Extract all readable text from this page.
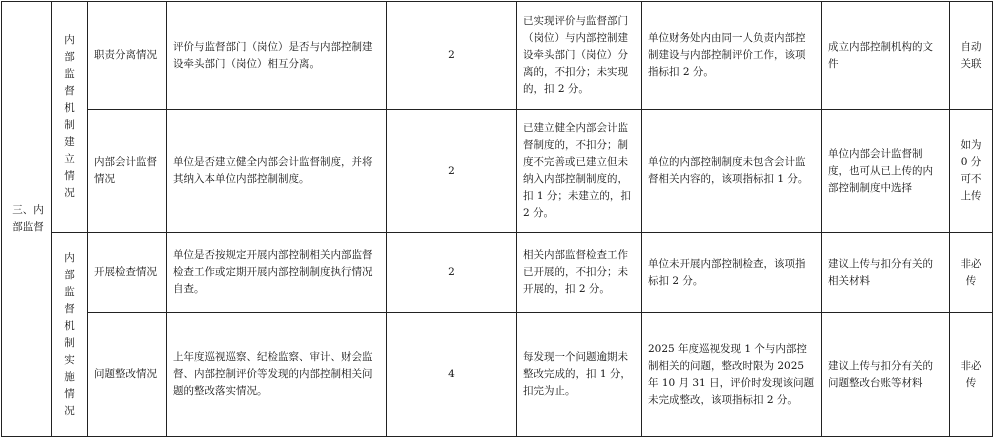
三、内部监督	内部监督机制建立情况	职责分离情况	评价与监督部门（岗位）是否与内部控制建设牵头部门（岗位）相互分离。	2	已实现评价与监督部门（岗位）与内部控制建设牵头部门（岗位）分离的，不扣分；未实现的，扣 2 分。	单位财务处内由同一人负责内部控制建设与内部控制评价工作，该项指标扣 2 分。	成立内部控制机构的文件	自动关联
		内部会计监督情况	单位是否建立健全内部会计监督制度，并将其纳入本单位内部控制制度。	2	已建立健全内部会计监督制度的，不扣分；制度不完善或已建立但未纳入内部控制制度的，扣 1 分；未建立的，扣 2 分。	单位的内部控制制度未包含会计监督相关内容的，该项指标扣 1 分。	单位内部会计监督制度，也可从已上传的内部控制制度中选择	如为 0 分可不上传
	内部监督机制实施情况	开展检查情况	单位是否按规定开展内部控制相关内部监督检查工作或定期开展内部控制制度执行情况自查。	2	相关内部监督检查工作已开展的，不扣分；未开展的，扣 2 分。	单位未开展内部控制检查，该项指标扣 2 分。	建议上传与扣分有关的相关材料	非必传
		问题整改情况	上年度巡视巡察、纪检监察、审计、财会监督、内部控制评价等发现的内部控制相关问题的整改落实情况。	4	每发现一个问题逾期未整改完成的，扣 1 分，扣完为止。	2025 年度巡视发现 1 个与内部控制相关的问题，整改时限为 2025 年 10 月 31 日，评价时发现该问题未完成整改，该项指标扣 2 分。	建议上传与扣分有关的问题整改台账等材料	非必传
